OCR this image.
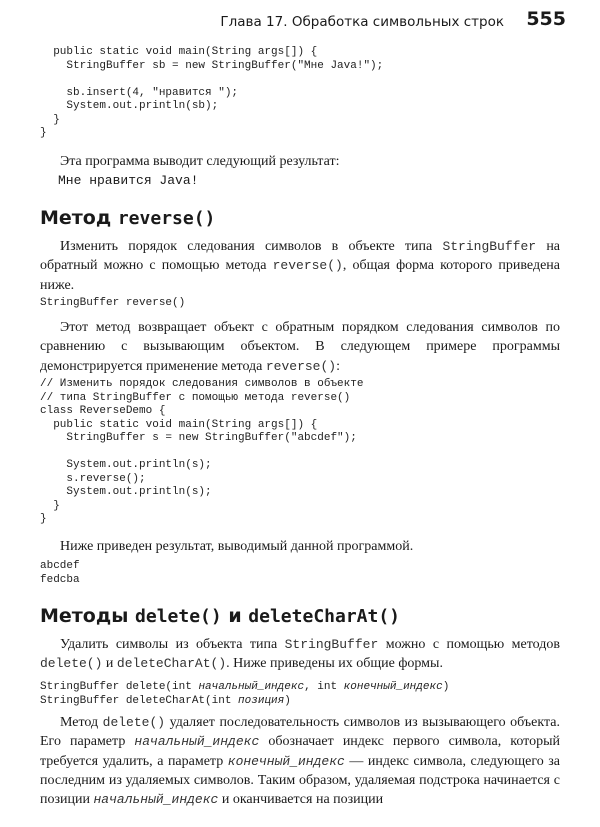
Глава 17. Обработка символьных строк 555
public static void main(String args[]) {
StringBuffer sb = new StringBuffer("Мне Java!");

sb.insert(4, "нравится ");
System.out.println(sb);
}
}

Эта программа выводит следующий результат:

Мне нравится Java!
Метод reverse()

Изменить порядок следования символов в объекте типа StringBuffer на обратный можно с помощью метода reverse(), общая форма которого приведена ниже.

StringBuffer reverse()

Этот метод возвращает объект с обратным порядком следования символов по сравнению с вызывающим объектом. В следующем примере программы демонстрируется применение метода reverse():

// Изменить порядок следования символов в объекте
// типа StringBuffer с помощью метода reverse()
class ReverseDemo {
public static void main(String args[]) {
StringBuffer s = new StringBuffer("abcdef");

System.out.println(s);
s.reverse();
System.out.println(s);
}
}

Ниже приведен результат, выводимый данной программой.

abcdef
fedcba
Методы delete() и deleteCharAt()

Удалить символы из объекта типа StringBuffer можно с помощью методов delete() и deleteCharAt(). Ниже приведены их общие формы.

StringBuffer delete(int начальный_индекс, int конечный_индекс)
StringBuffer deleteCharAt(int позиция)

Метод delete() удаляет последовательность символов из вызывающего объекта. Его параметр начальный_индекс обозначает индекс первого символа, который требуется удалить, а параметр конечный_индекс — индекс символа, следующего за последним из удаляемых символов. Таким образом, удаляемая подстрока начинается с позиции начальный_индекс и оканчивается на позиции
